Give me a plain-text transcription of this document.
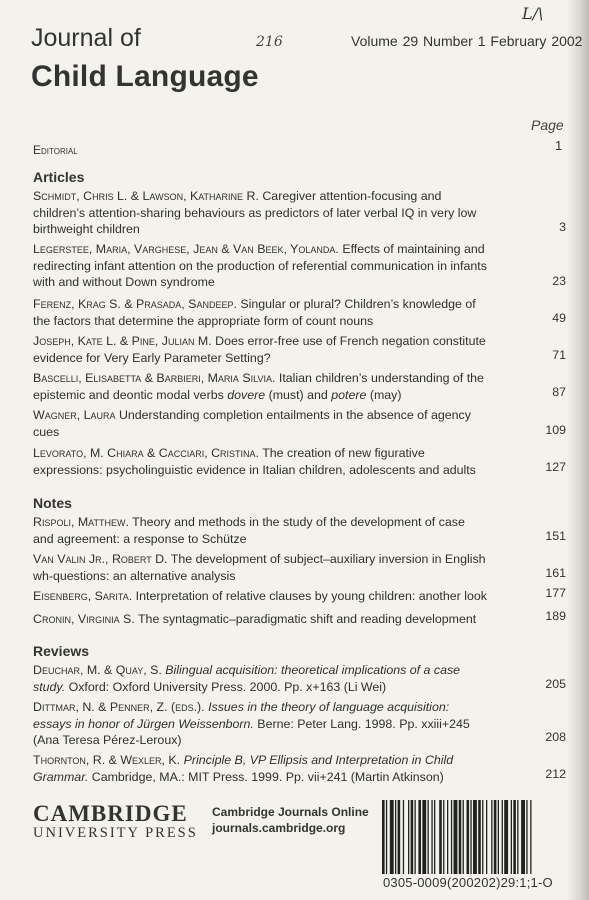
L/\
216
Journal of
Child Language
Volume 29 Number 1 February 2002
Page
Editorial	1
Articles
Schmidt, Chris L. & Lawson, Katharine R. Caregiver attention-focusing and children’s attention-sharing behaviours as predictors of later verbal IQ in very low birthweight children	3
Legerstee, Maria, Varghese, Jean & Van Beek, Yolanda. Effects of maintaining and redirecting infant attention on the production of referential communication in infants with and without Down syndrome	23
Ferenz, Krag S. & Prasada, Sandeep. Singular or plural? Children’s knowledge of the factors that determine the appropriate form of count nouns	49
Joseph, Kate L. & Pine, Julian M. Does error-free use of French negation constitute evidence for Very Early Parameter Setting?	71
Bascelli, Elisabetta & Barbieri, Maria Silvia. Italian children’s understanding of the epistemic and deontic modal verbs dovere (must) and potere (may)	87
Wagner, Laura Understanding completion entailments in the absence of agency cues	109
Levorato, M. Chiara & Cacciari, Cristina. The creation of new figurative expressions: psycholinguistic evidence in Italian children, adolescents and adults	127
Notes
Rispoli, Matthew. Theory and methods in the study of the development of case and agreement: a response to Schütze	151
Van Valin Jr., Robert D. The development of subject–auxiliary inversion in English wh-questions: an alternative analysis	161
Eisenberg, Sarita. Interpretation of relative clauses by young children: another look	177
Cronin, Virginia S. The syntagmatic–paradigmatic shift and reading development	189
Reviews
Deuchar, M. & Quay, S. Bilingual acquisition: theoretical implications of a case study. Oxford: Oxford University Press. 2000. Pp. x+163 (Li Wei)	205
Dittmar, N. & Penner, Z. (eds.). Issues in the theory of language acquisition: essays in honor of Jürgen Weissenborn. Berne: Peter Lang. 1998. Pp. xxiii+245 (Ana Teresa Pérez-Leroux)	208
Thornton, R. & Wexler, K. Principle B, VP Ellipsis and Interpretation in Child Grammar. Cambridge, MA.: MIT Press. 1999. Pp. vii+241 (Martin Atkinson)	212
CAMBRIDGE
UNIVERSITY PRESS
Cambridge Journals Online
journals.cambridge.org
0305-0009(200202)29:1;1-O
